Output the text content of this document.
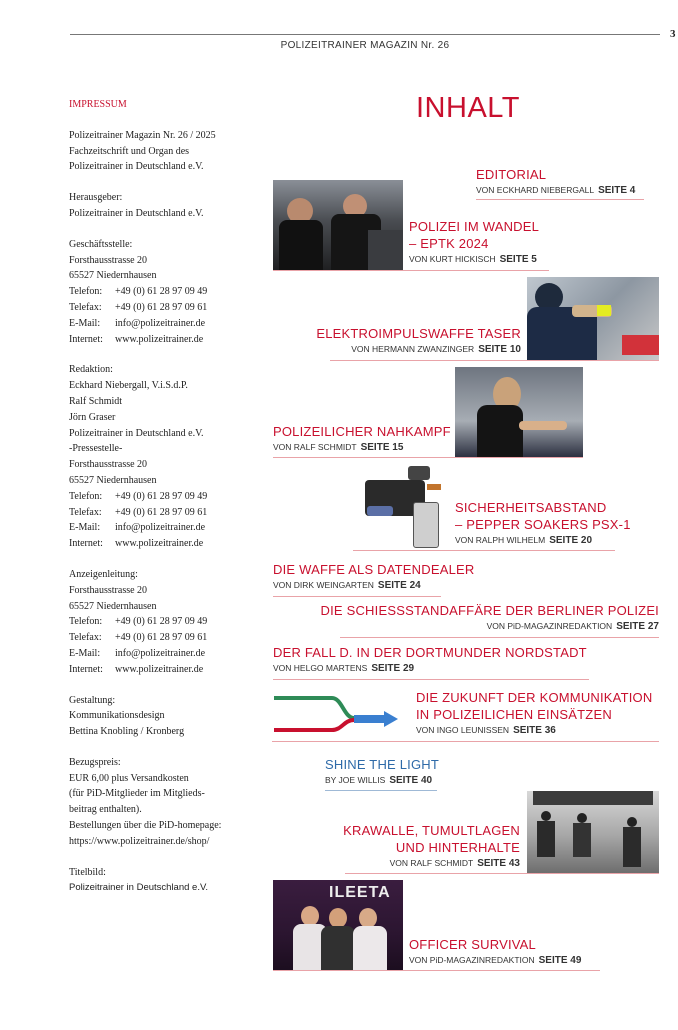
3
POLIZEITRAINER MAGAZIN Nr. 26

IMPRESSUM

Polizeitrainer Magazin Nr. 26 / 2025

Fachzeitschrift und Organ des

Polizeitrainer in Deutschland e.V.

Herausgeber:

Polizeitrainer in Deutschland e.V.

Geschäftsstelle:

Forsthausstrasse 20

65527 Niedernhausen

Telefon:	+49 (0) 61 28 97 09 49
Telefax:	+49 (0) 61 28 97 09 61
E-Mail:	info@polizeitrainer.de
Internet:	www.polizeitrainer.de

Redaktion:

Eckhard Niebergall, V.i.S.d.P.

Ralf Schmidt

Jörn Graser

Polizeitrainer in Deutschland e.V.

-Pressestelle-

Forsthausstrasse 20

65527 Niedernhausen

Telefon:	+49 (0) 61 28 97 09 49
Telefax:	+49 (0) 61 28 97 09 61
E-Mail:	info@polizeitrainer.de
Internet:	www.polizeitrainer.de

Anzeigenleitung:

Forsthausstrasse 20

65527 Niedernhausen

Telefon:	+49 (0) 61 28 97 09 49
Telefax:	+49 (0) 61 28 97 09 61
E-Mail:	info@polizeitrainer.de
Internet:	www.polizeitrainer.de

Gestaltung:

Kommunikationsdesign

Bettina Knobling / Kronberg

Bezugspreis:

EUR 6,00 plus Versandkosten

(für PiD-Mitglieder im Mitglieds-

beitrag enthalten).

Bestellungen über die PiD-homepage:

https://www.polizeitrainer.de/shop/

Titelbild:

Polizeitrainer in Deutschland e.V.

INHALT
EDITORIAL
VON ECKHARD NIEBERGALL SEITE 4
POLIZEI IM WANDEL
– EPTK 2024
VON KURT HICKISCH SEITE 5
ELEKTROIMPULSWAFFE TASER
VON HERMANN ZWANZINGER SEITE 10
POLIZEILICHER NAHKAMPF
VON RALF SCHMIDT SEITE 15
SICHERHEITSABSTAND
– PEPPER SOAKERS PSX-1
VON RALPH WILHELM SEITE 20
DIE WAFFE ALS DATENDEALER
VON DIRK WEINGARTEN SEITE 24
DIE SCHIESSSTANDAFFÄRE DER BERLINER POLIZEI
VON PiD-MAGAZINREDAKTION SEITE 27
DER FALL D. IN DER DORTMUNDER NORDSTADT
VON HELGO MARTENS SEITE 29
DIE ZUKUNFT DER KOMMUNIKATION
IN POLIZEILICHEN EINSÄTZEN
VON INGO LEUNISSEN SEITE 36
SHINE THE LIGHT
BY JOE WILLIS SEITE 40
KRAWALLE, TUMULTLAGEN
UND HINTERHALTE
VON RALF SCHMIDT SEITE 43
ILEETA
OFFICER SURVIVAL
VON PiD-MAGAZINREDAKTION SEITE 49
